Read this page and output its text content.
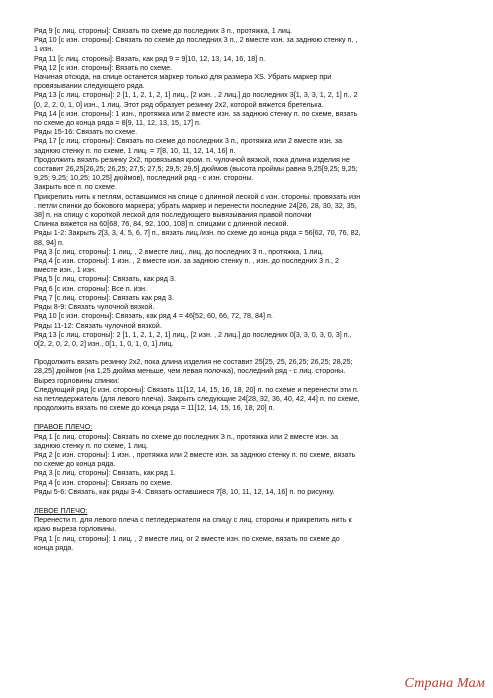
Ряд 9 [с лиц. стороны]: Связать по схеме до последних 3 п., протяжка, 1 лиц.
Ряд 10 [с изн. стороны]: Связать по схеме до последних 3 п., 2 вместе изн. за заднюю стенку п. ,
1 изн.
Ряд 11 [с лиц. стороны]: Вязать, как ряд 9 = 9[10, 12, 13, 14, 16, 18] п.
Ряд 12 [с изн. стороны]: Вязать по схеме.
Начиная отсюда, на спице останется маркер только для размера XS. Убрать маркер при
провязывании следующего ряда.
Ряд 13 [с лиц. стороны]: 2 [1, 1, 2, 1, 2, 1] лиц., [2 изн. , 2 лиц.] до последних 3[1, 3, 3, 1, 2, 1] п., 2
[0, 2, 2, 0, 1, 0] изн., 1 лиц. Этот ряд образует резинку 2х2, которой вяжется бретелька.
Ряд 14 [с изн. стороны]: 1 изн., протяжка или 2 вместе изн. за заднюю стенку п. по схеме, вязать
по схеме до конца ряда = 8[9, 11, 12, 13, 15, 17] п.
Ряды 15-16: Связать по схеме.
Ряд 17 [с лиц. стороны]: Связать по схеме до последних 3 п., протяжка или 2 вместе изн. за
заднюю стенку п. по схеме, 1 лиц. = 7[8, 10, 11, 12, 14, 16] п.
Продолжить вязать резинку 2х2, провязывая кром. п. чулочной вязкой, пока длина изделия не
составит 26,25[26,25; 26,25; 27,5; 27,5; 29,5; 29,5] дюймов (высота проймы равна 9,25[9,25; 9,25;
9,25; 9,25; 10,25; 10,25] дюймов), последний ряд - с изн. стороны.
Закрыть все п. по схеме.
Прикрепить нить к петлям, оставшимся на спице с длинной леской с изн. стороны. провязать изн
. петли спинки до бокового маркера; убрать маркер и перенести последние 24[26, 28, 30, 32, 35,
38] п. на спицу с короткой леской для последующего вывязывания правой полочки
Спинка вяжется на 60[68, 76, 84, 92, 100, 108] п. спицами с длинной леской.
Ряды 1-2: Закрыть 2[3, 3, 4, 5, 6, 7] п., вязать лиц./изн. по схеме до конца ряда = 56[62, 70, 76, 82,
88, 94] п.
Ряд 3 [с лиц. стороны]: 1 лиц. , 2 вместе лиц., лиц. до последних 3 п., протяжка, 1 лиц.
Ряд 4 [с изн. стороны]: 1 изн. , 2 вместе изн. за заднюю стенку п. , изн. до последних 3 п., 2
вместе изн., 1 изн.
Ряд 5 [с лиц. стороны]: Связать, как ряд 3.
Ряд 6 [с изн. стороны]: Все п. изн.
Ряд 7 [с лиц. стороны]: Связать как ряд 3.
Ряды 8-9: Связать чулочной вязкой.
Ряд 10 [с изн. стороны]: Связать, как ряд 4 = 46[52, 60, 66, 72, 78, 84] п.
Ряды 11-12: Связать чулочной вязкой.
Ряд 13 [с лиц. стороны]: 2 [1, 1, 2, 1, 2, 1] лиц., [2 изн. , 2 лиц.] до последних 0[3, 3, 0, 3, 0, 3] п.,
0[2, 2, 0, 2, 0, 2] изн., 0[1, 1, 0, 1, 0, 1] лиц.
Продолжить вязать резинку 2х2, пока длина изделия не составит 25[25, 25, 26,25; 26,25; 28,25;
28,25] дюймов (на 1,25 дюйма меньше, чем левая полочка), последний ряд - с лиц. стороны.
Вырез горловины спинки:
Следующий ряд [с изн. стороны]: Связать 11[12, 14, 15, 16, 18, 20] п. по схеме и перенести эти п.
на петледержатель (для левого плеча). Закрыть следующие 24[28, 32, 36, 40, 42, 44] п. по схеме,
продолжить вязать по схеме до конца ряда = 11[12, 14, 15, 16, 18, 20] п.
ПРАВОЕ ПЛЕЧО:
Ряд 1 [с лиц. стороны]: Связать по схеме до последних 3 п., протяжка или 2 вместе изн. за
заднюю стенку п. по схеме, 1 лиц.
Ряд 2 [с изн. стороны]: 1 изн. , протяжка или 2 вместе изн. за заднюю стенку п. по схеме, вязать
по схеме до конца ряда.
Ряд 3 [с лиц. стороны]: Связать, как ряд 1.
Ряд 4 [с изн. стороны]: Связать по схеме.
Ряды 5-6: Связать, как ряды 3-4. Связать оставшиеся 7[8, 10, 11, 12, 14, 16] п. по рисунку.
ЛЕВОЕ ПЛЕЧО:
Перенести п. для левого плеча с петледержателя на спицу с лиц. стороны и прикрепить нить к
краю выреза горловины.
Ряд 1 [с лиц. стороны]: 1 лиц. , 2 вместе лиц. ог 2 вместе изн. по схеме, вязать по схеме до
конца ряда.
Страна Мам
